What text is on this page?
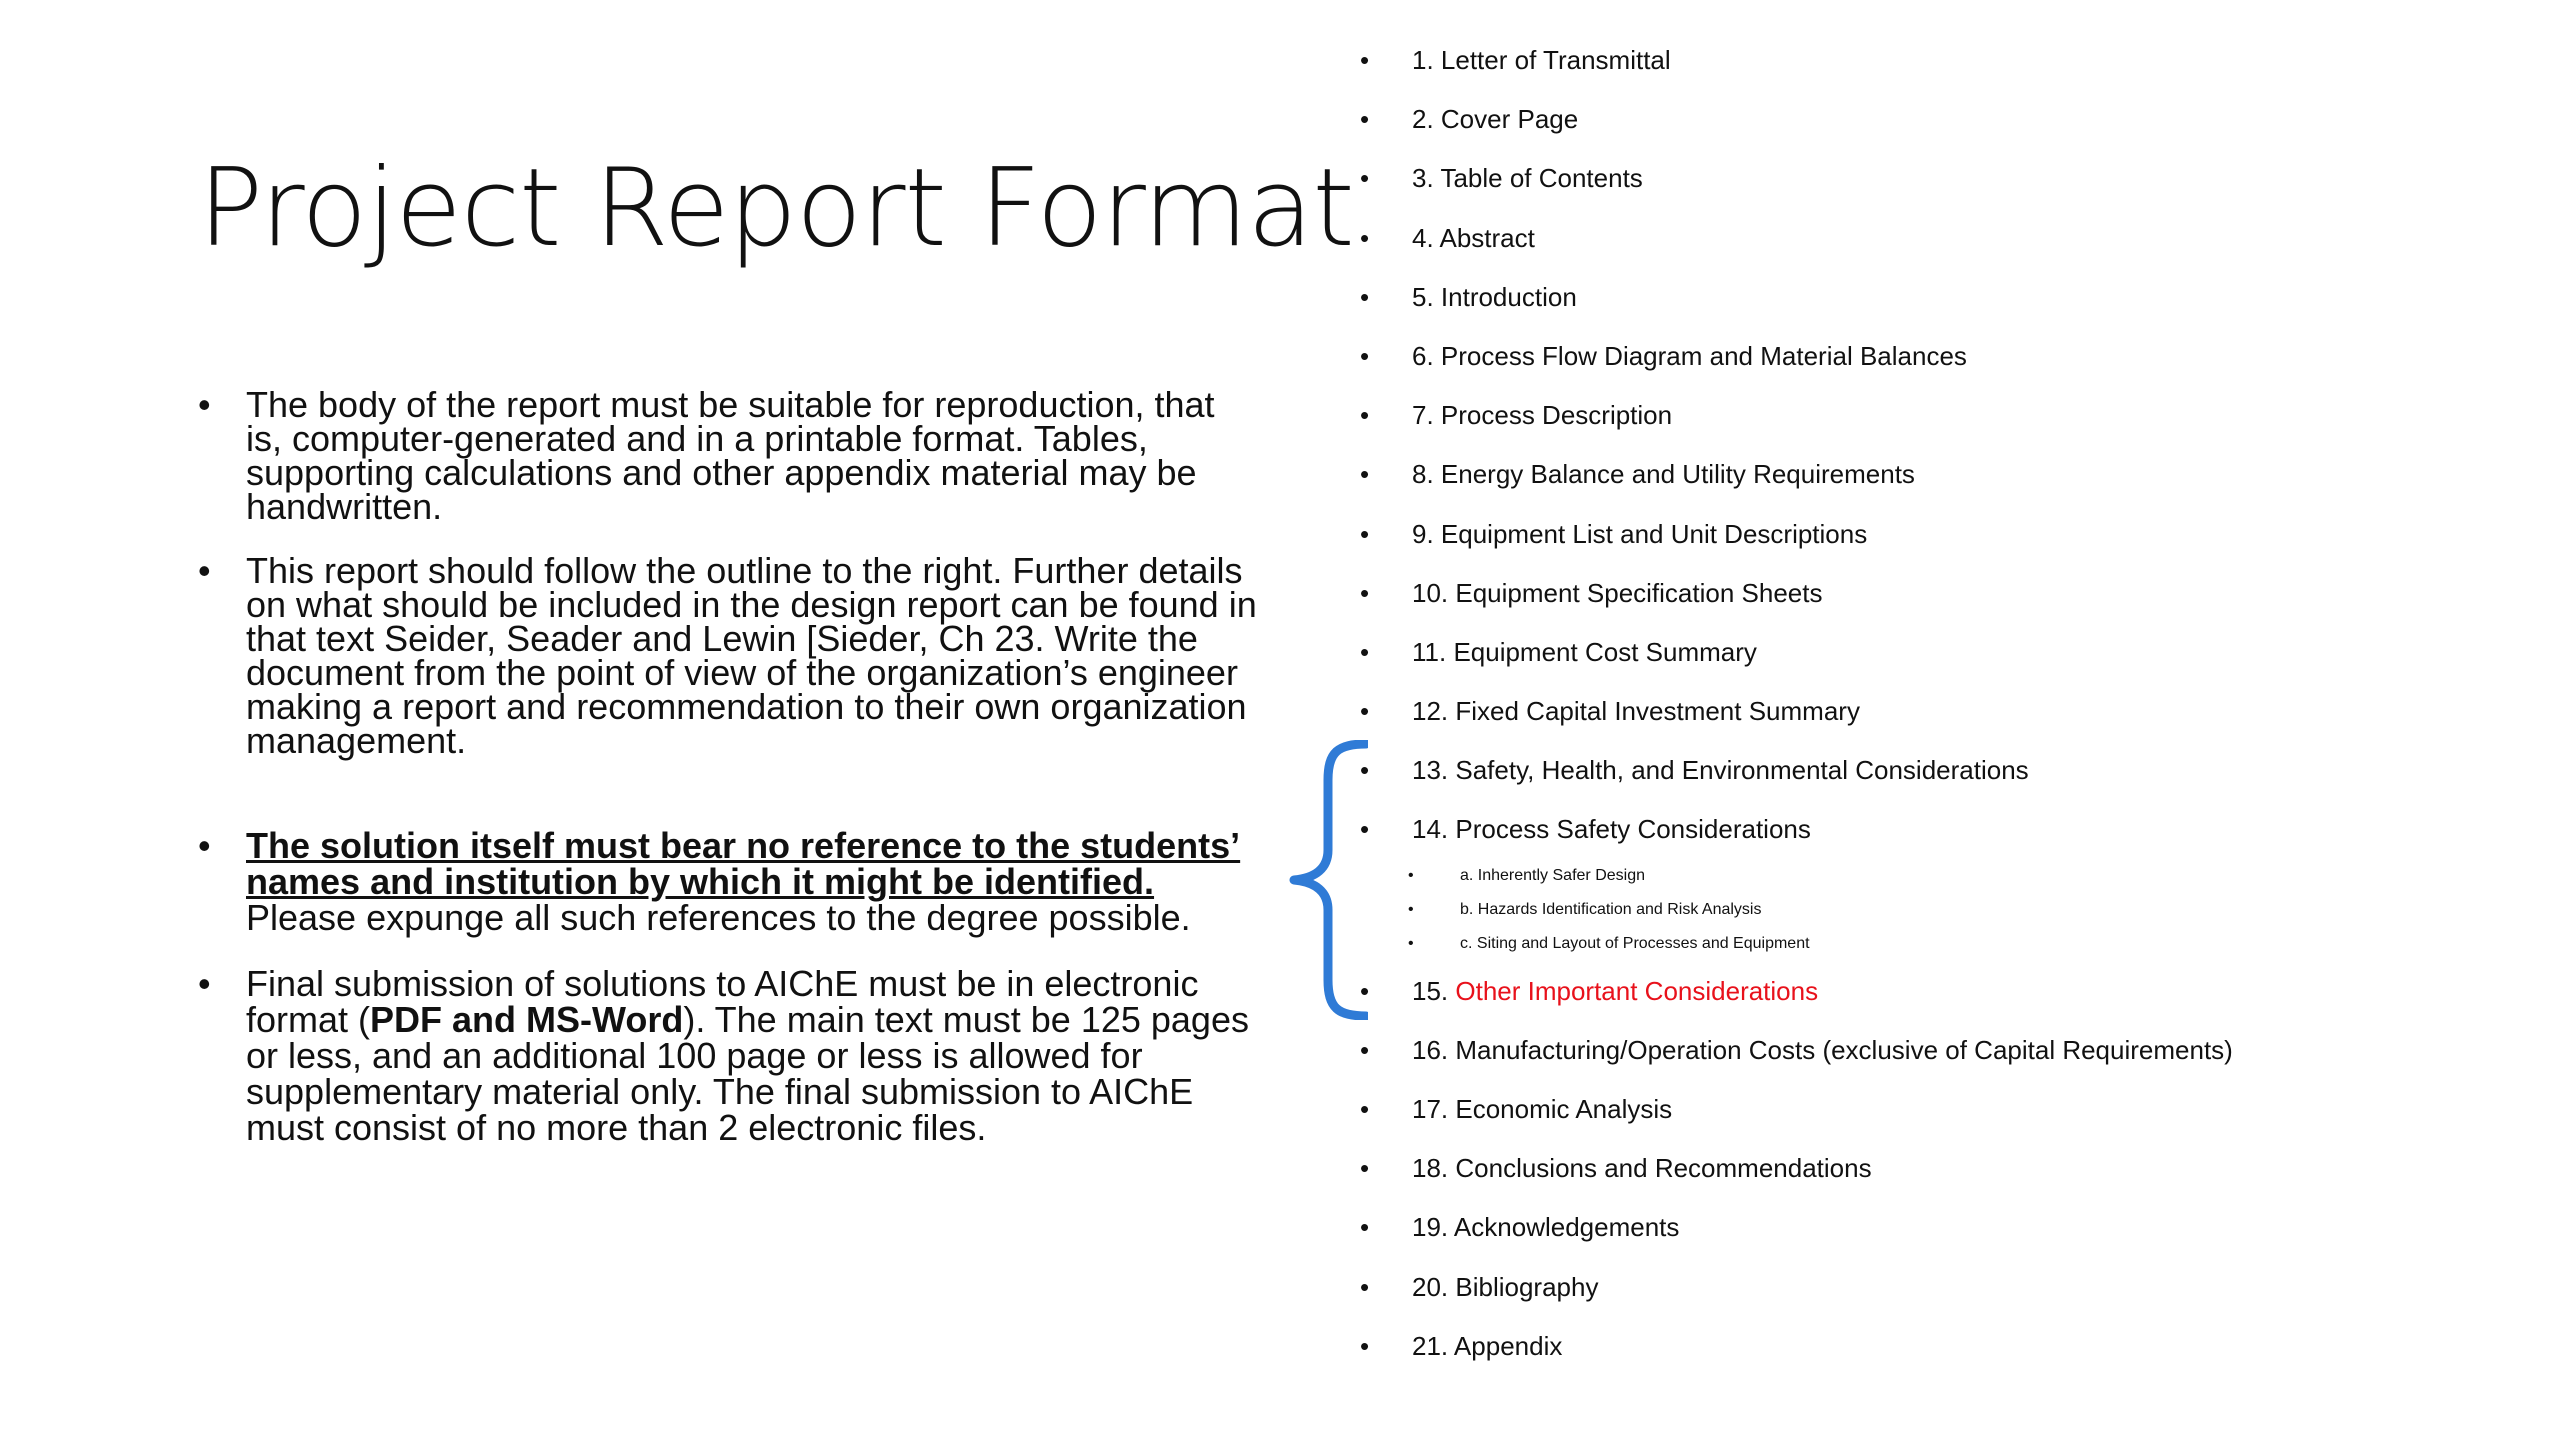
Project Report Format
• The body of the report must be suitable for reproduction, that is, computer-generated and in a printable format. Tables, supporting calculations and other appendix material may be handwritten.
• This report should follow the outline to the right. Further details on what should be included in the design report can be found in that text Seider, Seader and Lewin [Sieder, Ch 23. Write the document from the point of view of the organization’s engineer making a report and recommendation to their own organization management.
• The solution itself must bear no reference to the students’ names and institution by which it might be identified. Please expunge all such references to the degree possible.
• Final submission of solutions to AIChE must be in electronic format (PDF and MS-Word). The main text must be 125 pages or less, and an additional 100 page or less is allowed for supplementary material only. The final submission to AIChE must consist of no more than 2 electronic files.
• 1. Letter of Transmittal
• 2. Cover Page
• 3. Table of Contents
• 4. Abstract
• 5. Introduction
• 6. Process Flow Diagram and Material Balances
• 7. Process Description
• 8. Energy Balance and Utility Requirements
• 9. Equipment List and Unit Descriptions
• 10. Equipment Specification Sheets
• 11. Equipment Cost Summary
• 12. Fixed Capital Investment Summary
• 13. Safety, Health, and Environmental Considerations
• 14. Process Safety Considerations
•	a. Inherently Safer Design
•	b. Hazards Identification and Risk Analysis
•	c. Siting and Layout of Processes and Equipment
• 15. Other Important Considerations
• 16. Manufacturing/Operation Costs (exclusive of Capital Requirements)
• 17. Economic Analysis
• 18. Conclusions and Recommendations
• 19. Acknowledgements
• 20. Bibliography
• 21. Appendix
